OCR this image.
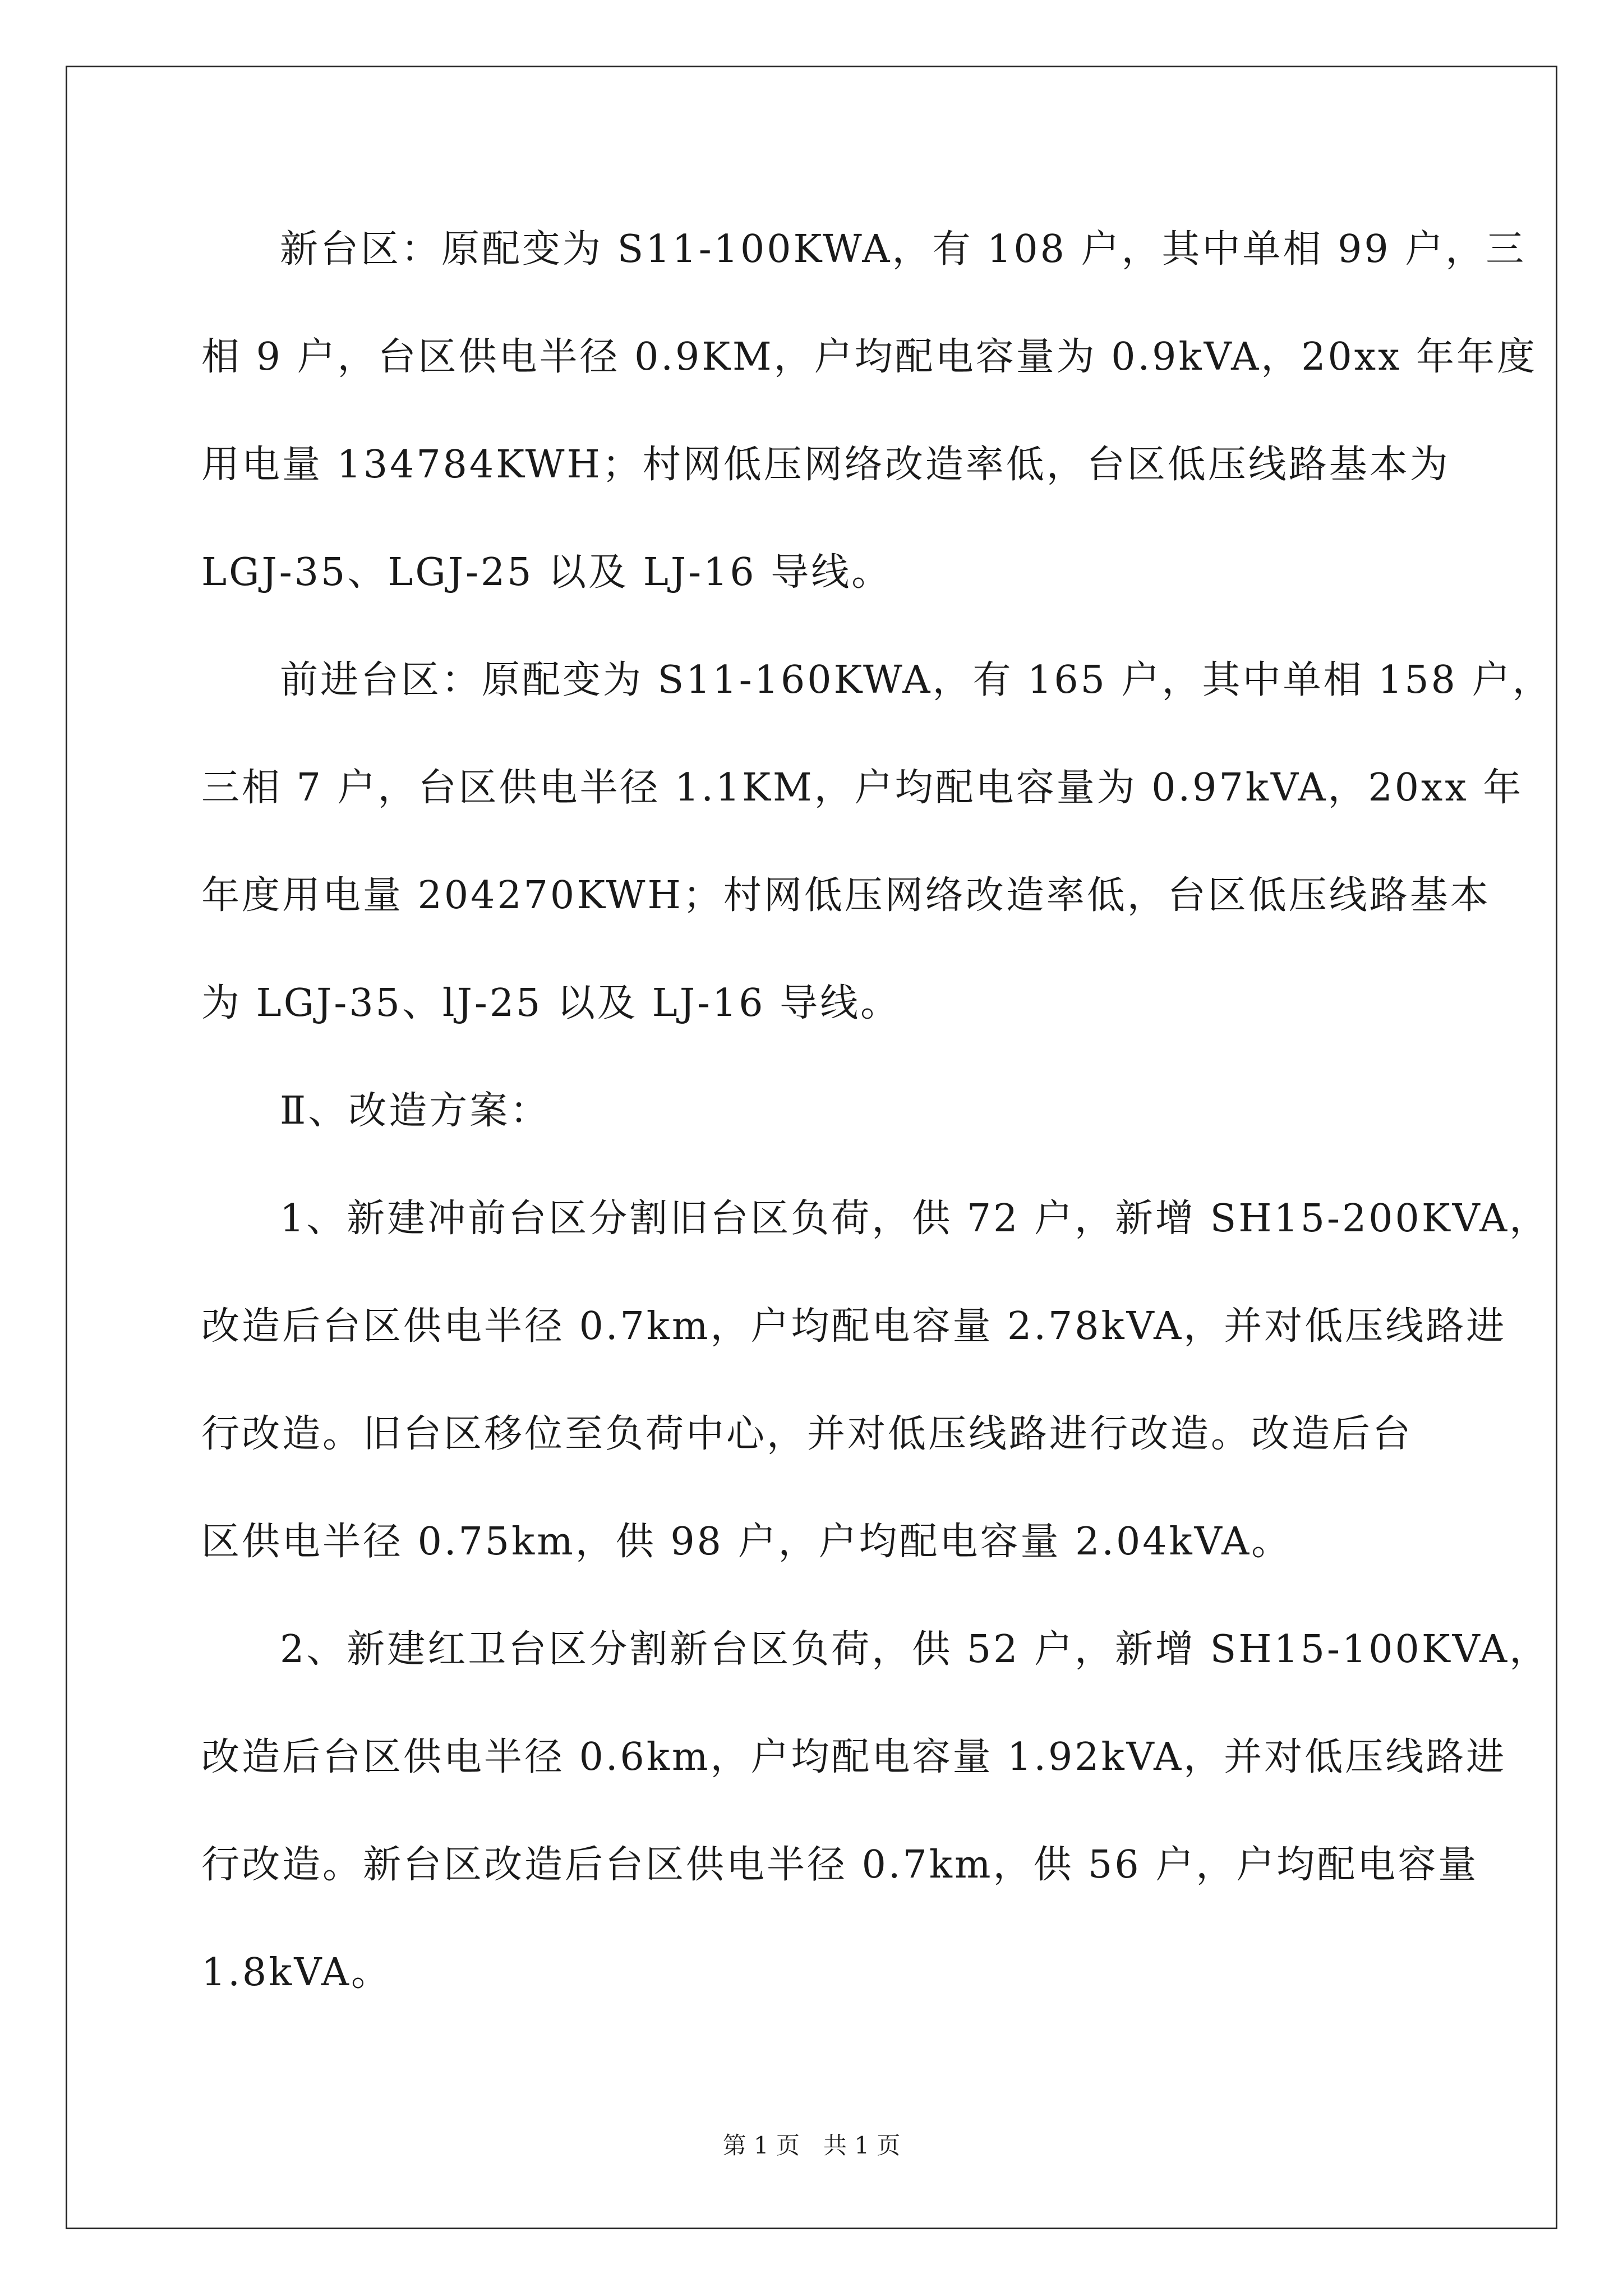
新台区：原配变为 S11-100KWA，有 108 户，其中单相 99 户，三
相 9 户，台区供电半径 0.9KM，户均配电容量为 0.9kVA，20xx 年年度
用电量 134784KWH；村网低压网络改造率低，台区低压线路基本为
LGJ-35、LGJ-25 以及 LJ-16 导线。
前进台区：原配变为 S11-160KWA，有 165 户，其中单相 158 户，
三相 7 户，台区供电半径 1.1KM，户均配电容量为 0.97kVA，20xx 年
年度用电量 204270KWH；村网低压网络改造率低，台区低压线路基本
为 LGJ-35、lJ-25 以及 LJ-16 导线。
Ⅱ、改造方案：
1、新建冲前台区分割旧台区负荷，供 72 户，新增 SH15-200KVA，
改造后台区供电半径 0.7km，户均配电容量 2.78kVA，并对低压线路进
行改造。旧台区移位至负荷中心，并对低压线路进行改造。改造后台
区供电半径 0.75km，供 98 户，户均配电容量 2.04kVA。
2、新建红卫台区分割新台区负荷，供 52 户，新增 SH15-100KVA，
改造后台区供电半径 0.6km，户均配电容量 1.92kVA，并对低压线路进
行改造。新台区改造后台区供电半径 0.7km，供 56 户，户均配电容量
1.8kVA。
第 1 页　共 1 页
